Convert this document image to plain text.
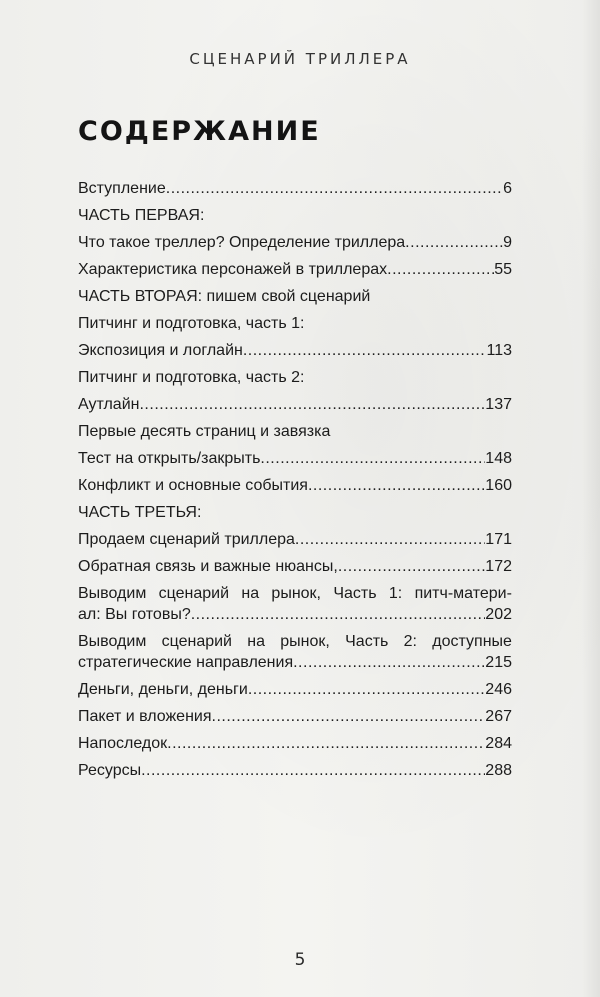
СЦЕНАРИЙ ТРИЛЛЕРА
СОДЕРЖАНИЕ
Вступление .....	6
ЧАСТЬ ПЕРВАЯ:
Что такое треллер? Определение триллера .....	9
Характеристика персонажей в триллерах .....	55
ЧАСТЬ ВТОРАЯ: пишем свой сценарий
Питчинг и подготовка, часть 1:
Экспозиция и логлайн .....	113
Питчинг и подготовка, часть 2:
Аутлайн .....	137
Первые десять страниц и завязка
Тест на открыть/закрыть .....	148
Конфликт и основные события .....	160
ЧАСТЬ ТРЕТЬЯ:
Продаем сценарий триллера .....	171
Обратная связь и важные нюансы, .....	172
Выводим сценарий на рынок, Часть 1: питч-матери-
ал: Вы готовы? .....	202
Выводим сценарий на рынок, Часть 2: доступные
стратегические направления .....	215
Деньги, деньги, деньги .....	246
Пакет и вложения .....	267
Напоследок .....	284
Ресурсы .....	288
5
